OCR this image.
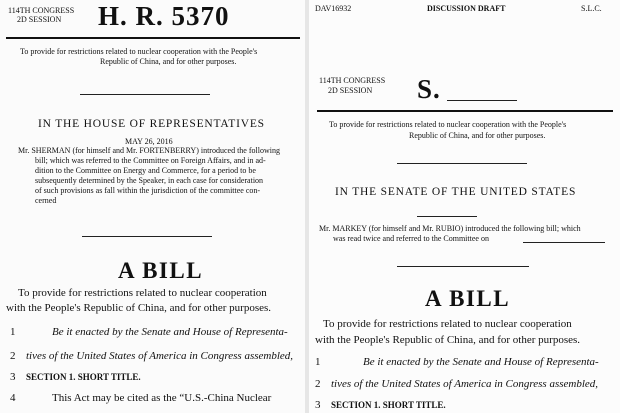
114TH CONGRESS
2D SESSION H. R. 5370
To provide for restrictions related to nuclear cooperation with the People's
Republic of China, and for other purposes.
IN THE HOUSE OF REPRESENTATIVES
MAY 26, 2016
Mr. SHERMAN (for himself and Mr. FORTENBERRY) introduced the following
bill; which was referred to the Committee on Foreign Affairs, and in ad-
dition to the Committee on Energy and Commerce, for a period to be
subsequently determined by the Speaker, in each case for consideration
of such provisions as fall within the jurisdiction of the committee con-
cerned
A BILL
To provide for restrictions related to nuclear cooperation
with the People's Republic of China, and for other purposes.
1	Be it enacted by the Senate and House of Representa-
2 tives of the United States of America in Congress assembled,
3	SECTION 1. SHORT TITLE.
4	This Act may be cited as the “U.S.-China Nuclear
DAV16932	DISCUSSION DRAFT	S.L.C.
114TH CONGRESS
2D SESSION S.
To provide for restrictions related to nuclear cooperation with the People's
Republic of China, and for other purposes.
IN THE SENATE OF THE UNITED STATES
Mr. MARKEY (for himself and Mr. RUBIO) introduced the following bill; which
was read twice and referred to the Committee on
A BILL
To provide for restrictions related to nuclear cooperation
with the People's Republic of China, and for other purposes.
1	Be it enacted by the Senate and House of Representa-
2 tives of the United States of America in Congress assembled,
3	SECTION 1. SHORT TITLE.
